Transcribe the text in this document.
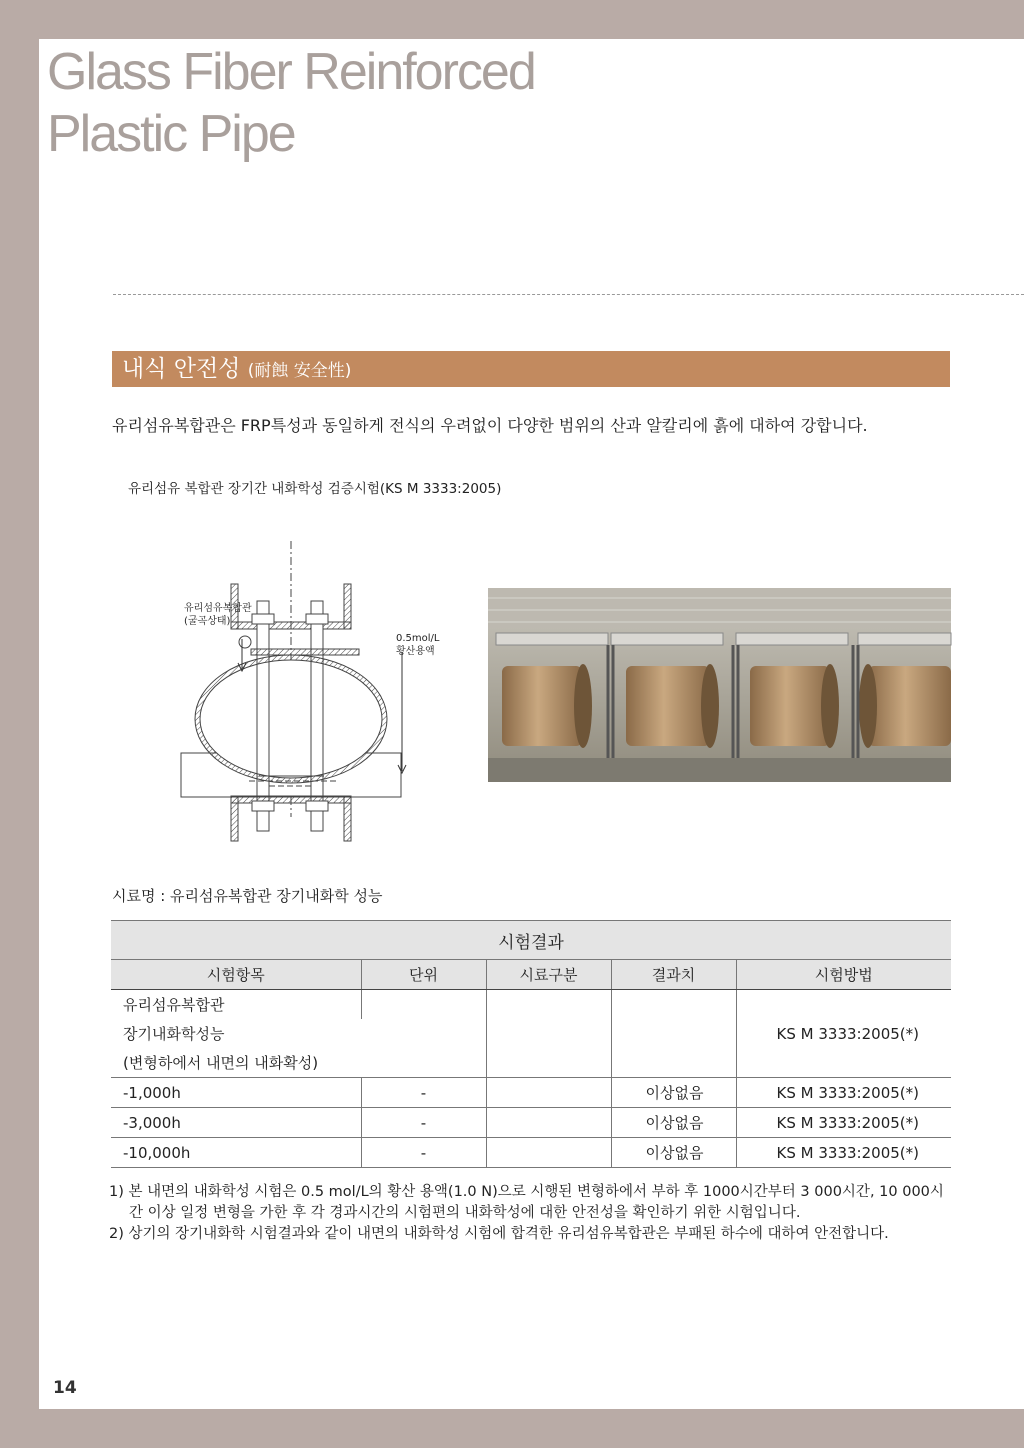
Glass Fiber Reinforced
Plastic Pipe
내식 안전성 (耐蝕 安全性)
유리섬유복합관은 FRP특성과 동일하게 전식의 우려없이 다양한 범위의 산과 알칼리에 흙에 대하여 강합니다.
유리섬유 복합관 장기간 내화학성 검증시험(KS M 3333:2005)
유리섬유복합관
(굴곡상태)
0.5mol/L
황산용액
시료명 : 유리섬유복합관 장기내화학 성능
시험결과				
시험항목	단위	시료구분	결과치	시험방법
유리섬유복합관				KS M 3333:2005(*)
장기내화학성능				
(변형하에서 내면의 내화확성)				
-1,000h	-		이상없음	KS M 3333:2005(*)
-3,000h	-		이상없음	KS M 3333:2005(*)
-10,000h	-		이상없음	KS M 3333:2005(*)

1) 본 내면의 내화학성 시험은 0.5 mol/L의 황산 용액(1.0 N)으로 시행된 변형하에서 부하 후 1000시간부터 3 000시간, 10 000시간 이상 일정 변형을 가한 후 각 경과시간의 시험편의 내화학성에 대한 안전성을 확인하기 위한 시험입니다.

2) 상기의 장기내화학 시험결과와 같이 내면의 내화학성 시험에 합격한 유리섬유복합관은 부패된 하수에 대하여 안전합니다.

14
